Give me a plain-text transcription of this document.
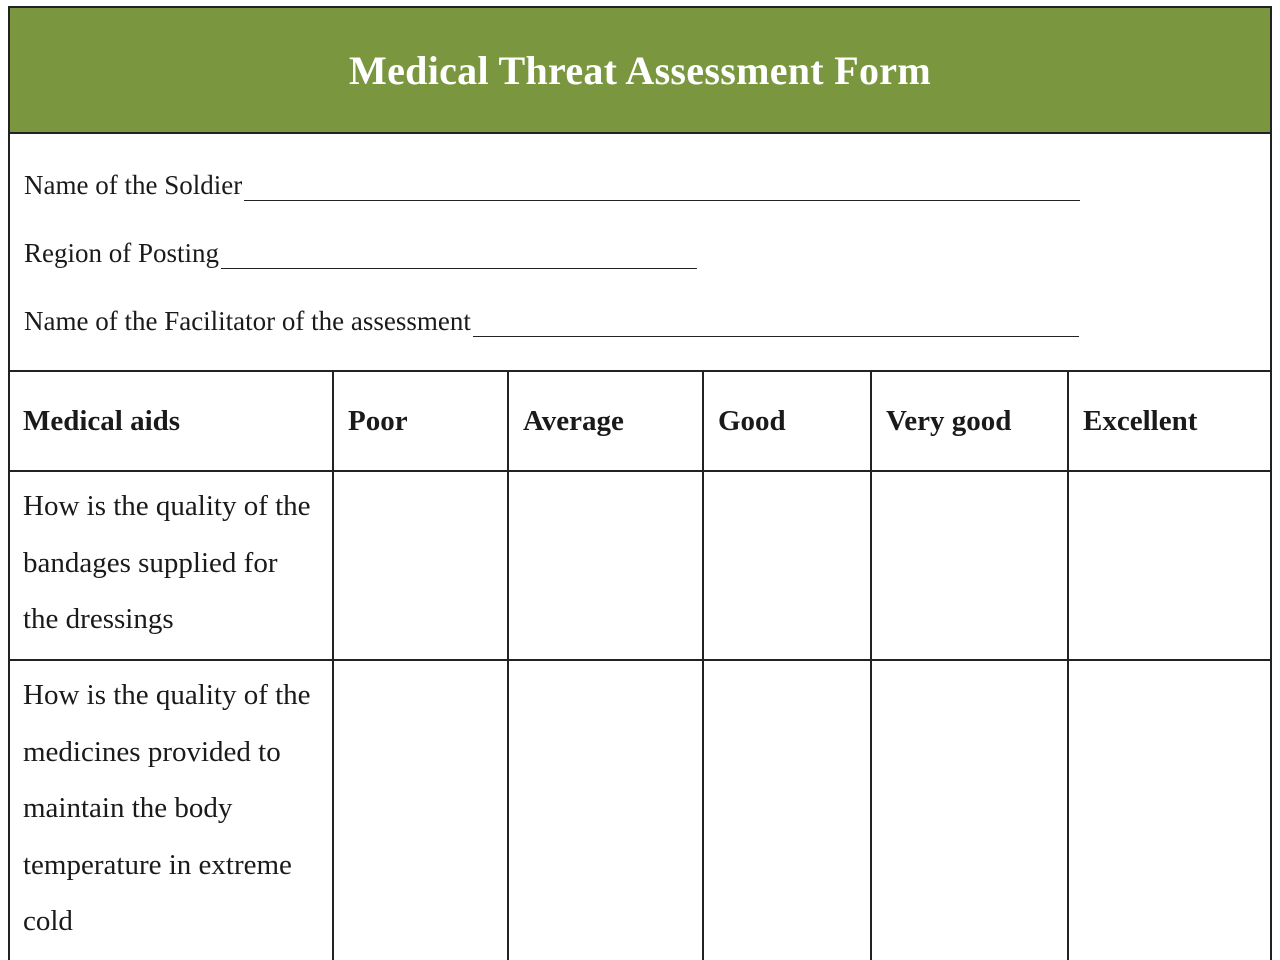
Medical Threat Assessment Form
Name of the Soldier
Region of Posting
Name of the Facilitator of the assessment
Medical aids	Poor	Average	Good	Very good	Excellent
How is the quality of the bandages supplied for the dressings					
How is the quality of the medicines provided to maintain the body temperature in extreme cold					
